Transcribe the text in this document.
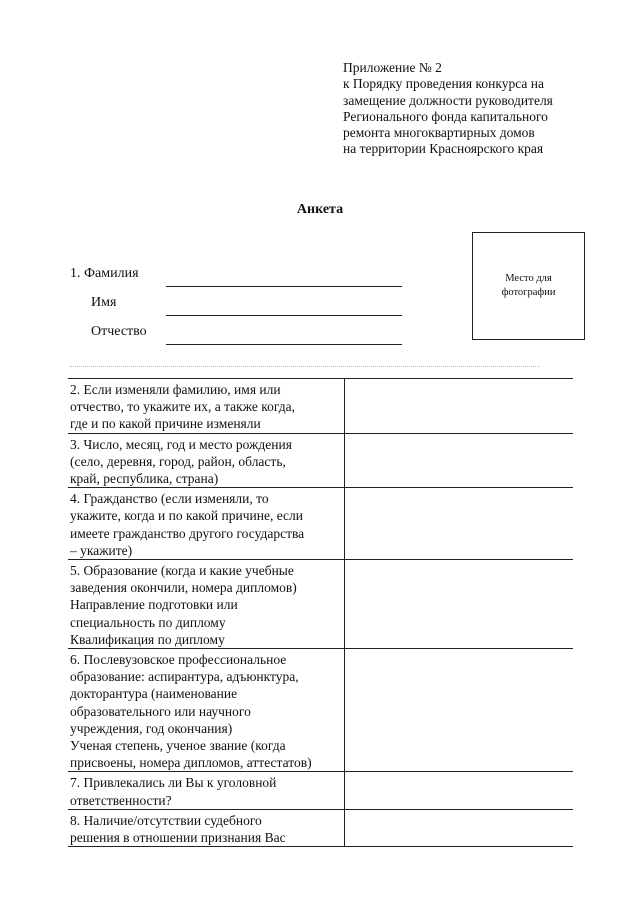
Приложение № 2
к Порядку проведения конкурса на
замещение должности руководителя
Регионального фонда капитального
ремонта многоквартирных домов
на территории Красноярского края
Анкета
Место для
фотографии
1. Фамилия
Имя
Отчество
2. Если изменяли фамилию, имя или
отчество, то укажите их, а также когда,
где и по какой причине изменяли
3. Число, месяц, год и место рождения
(село, деревня, город, район, область,
край, республика, страна)
4. Гражданство (если изменяли, то
укажите, когда и по какой причине, если
имеете гражданство другого государства
– укажите)
5. Образование (когда и какие учебные
заведения окончили, номера дипломов)
Направление подготовки или
специальность по диплому
Квалификация по диплому
6. Послевузовское профессиональное
образование: аспирантура, адъюнктура,
докторантура (наименование
образовательного или научного
учреждения, год окончания)
Ученая степень, ученое звание (когда
присвоены, номера дипломов, аттестатов)
7. Привлекались ли Вы к уголовной
ответственности?
8. Наличие/отсутствии судебного
решения в отношении признания Вас
